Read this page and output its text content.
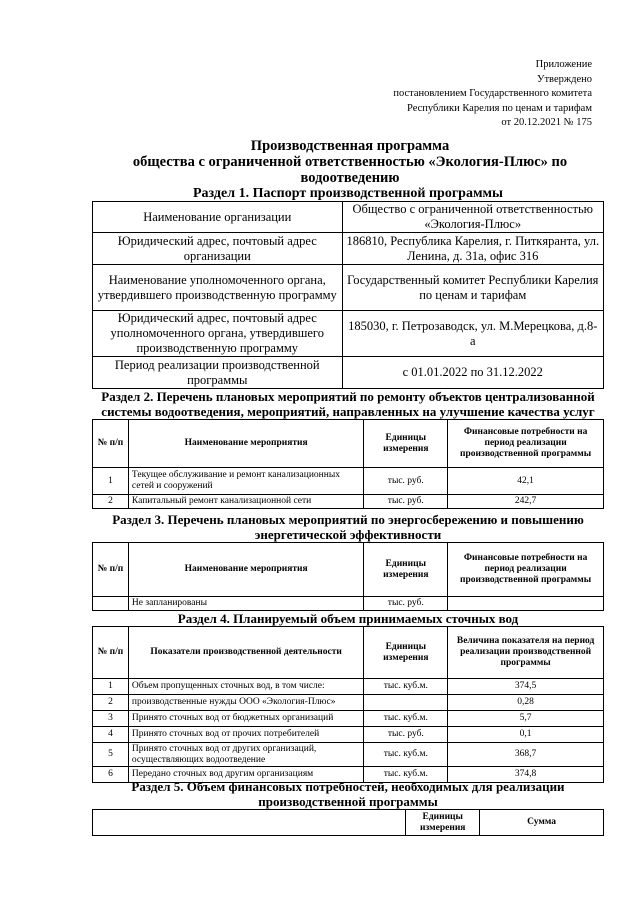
Приложение
Утверждено
постановлением Государственного комитета
Республики Карелия по ценам и тарифам
от 20.12.2021 № 175
Производственная программа
общества с ограниченной ответственностью «Экология-Плюс» по
водоотведению
Раздел 1. Паспорт производственной программы
Наименование организации	Общество с ограниченной ответственностью «Экология-Плюс»
Юридический адрес, почтовый адрес организации	186810, Республика Карелия, г. Питкяранта, ул. Ленина, д. 31а, офис 316
Наименование уполномоченного органа, утвердившего производственную программу	Государственный комитет Республики Карелия по ценам и тарифам
Юридический адрес, почтовый адрес уполномоченного органа, утвердившего производственную программу	185030, г. Петрозаводск, ул. М.Мерецкова, д.8-а
Период реализации производственной программы	с 01.01.2022 по 31.12.2022
Раздел 2. Перечень плановых мероприятий по ремонту объектов централизованной
системы водоотведения, мероприятий, направленных на улучшение качества услуг
№ п/п	Наименование мероприятия	Единицы измерения	Финансовые потребности на период реализации производственной программы
1	Текущее обслуживание и ремонт канализационных сетей и сооружений	тыс. руб.	42,1
2	Капитальный ремонт канализационной сети	тыс. руб.	242,7
Раздел 3. Перечень плановых мероприятий по энергосбережению и повышению
энергетической эффективности
№ п/п	Наименование мероприятия	Единицы измерения	Финансовые потребности на период реализации производственной программы
	Не запланированы	тыс. руб.	
Раздел 4. Планируемый объем принимаемых сточных вод
№ п/п	Показатели производственной деятельности	Единицы измерения	Величина показателя на период реализации производственной программы
1	Объем пропущенных сточных вод, в том числе:	тыс. куб.м.	374,5
2	производственные нужды ООО «Экология-Плюс»		0,28
3	Принято сточных вод от бюджетных организаций	тыс. куб.м.	5,7
4	Принято сточных вод от прочих потребителей	тыс. руб.	0,1
5	Принято сточных вод от других организаций, осуществляющих водоотведение	тыс. куб.м.	368,7
6	Передано сточных вод другим организациям	тыс. куб.м.	374,8
Раздел 5. Объем финансовых потребностей, необходимых для реализации
производственной программы
		Единицы измерения	Сумма
